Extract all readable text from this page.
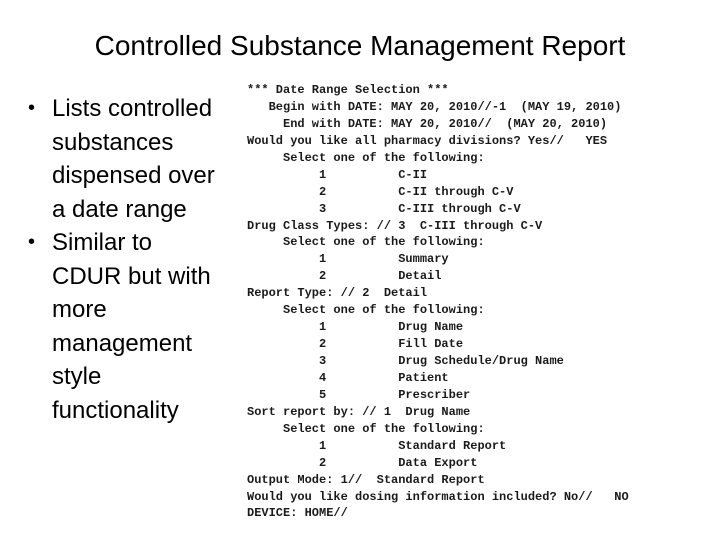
Controlled Substance Management Report
• Lists controlled substances dispensed over a date range
• Similar to CDUR but with more management style functionality
*** Date Range Selection ***
Begin with DATE: MAY 20, 2010//-1  (MAY 19, 2010)
End with DATE: MAY 20, 2010//  (MAY 20, 2010)
Would you like all pharmacy divisions? Yes//   YES
Select one of the following:
1          C-II
2          C-II through C-V
3          C-III through C-V
Drug Class Types: // 3  C-III through C-V
Select one of the following:
1          Summary
2          Detail
Report Type: // 2  Detail
Select one of the following:
1          Drug Name
2          Fill Date
3          Drug Schedule/Drug Name
4          Patient
5          Prescriber
Sort report by: // 1  Drug Name
Select one of the following:
1          Standard Report
2          Data Export
Output Mode: 1//  Standard Report
Would you like dosing information included? No//   NO
DEVICE: HOME//
